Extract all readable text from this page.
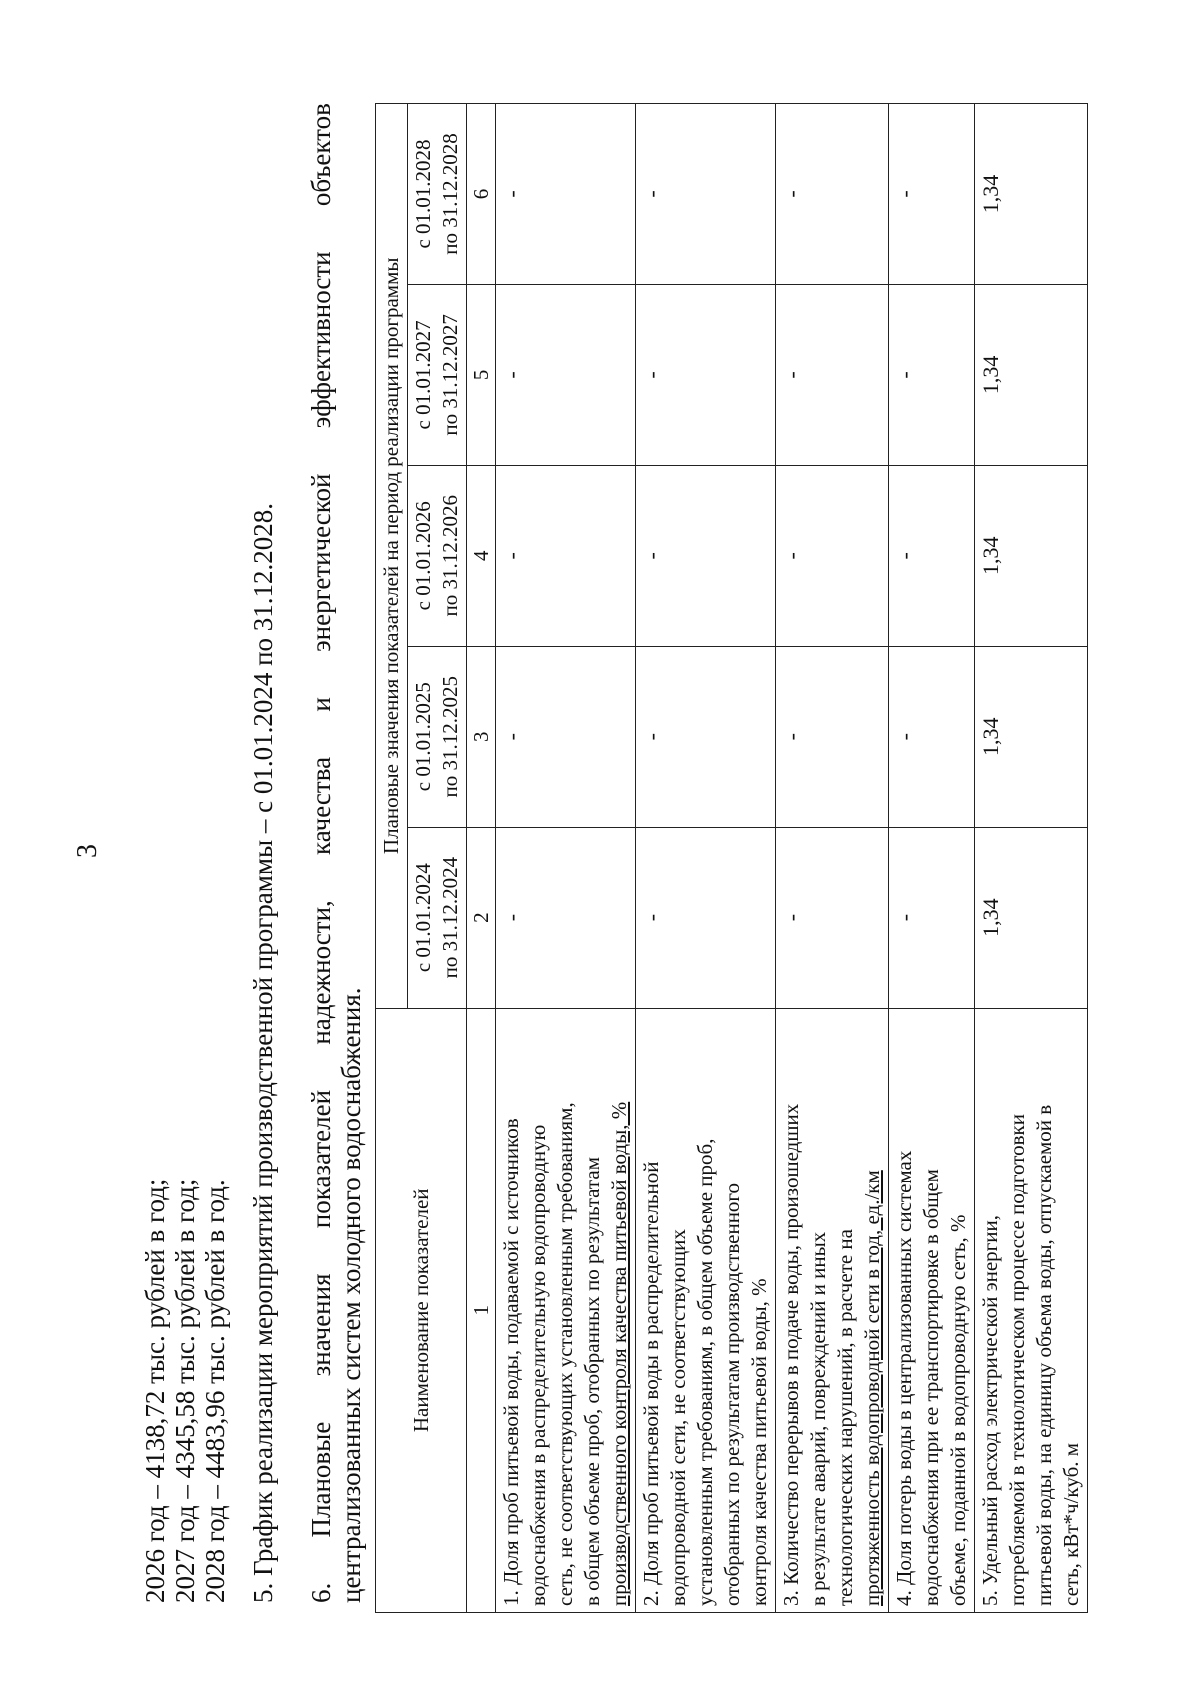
3
2026 год – 4138,72 тыс. рублей в год; 2027 год – 4345,58 тыс. рублей в год; 2028 год – 4483,96 тыс. рублей в год. 5. График реализации мероприятий производственной программы – с 01.01.2024 по 31.12.2028. 6.
Плановые
значения
показателей
надежности,
качества
и
энергетической
эффективности
объектов
централизованных систем холодного водоснабжения. Наименование показателей	Плановые значения показателей на период реализации программы				
	с 01.01.2024 по 31.12.2024	с 01.01.2025 по 31.12.2025	с 01.01.2026 по 31.12.2026	с 01.01.2027 по 31.12.2027	с 01.01.2028 по 31.12.2028
1	2	3	4	5	6
1. Доля проб питьевой воды, подаваемой с источников водоснабжения в распределительную водопроводную сеть, не соответствующих установленным требованиям, в общем объеме проб, отобранных по результатам производственного контроля качества питьевой воды, %	-	-	-	-	-
2. Доля проб питьевой воды в распределительной водопроводной сети, не соответствующих установленным требованиям, в общем объеме проб, отобранных по результатам производственного контроля качества питьевой воды, %	-	-	-	-	-
3. Количество перерывов в подаче воды, произошедших в результате аварий, повреждений и иных технологических нарушений, в расчете на протяженность водопроводной сети в год, ед./км	-	-	-	-	-
4. Доля потерь воды в централизованных системах водоснабжения при ее транспортировке в общем объеме, поданной в водопроводную сеть, %	-	-	-	-	-
5. Удельный расход электрической энергии, потребляемой в технологическом процессе подготовки питьевой воды, на единицу объема воды, отпускаемой в сеть, кВт*ч/куб. м	1,34	1,34	1,34	1,34	1,34
